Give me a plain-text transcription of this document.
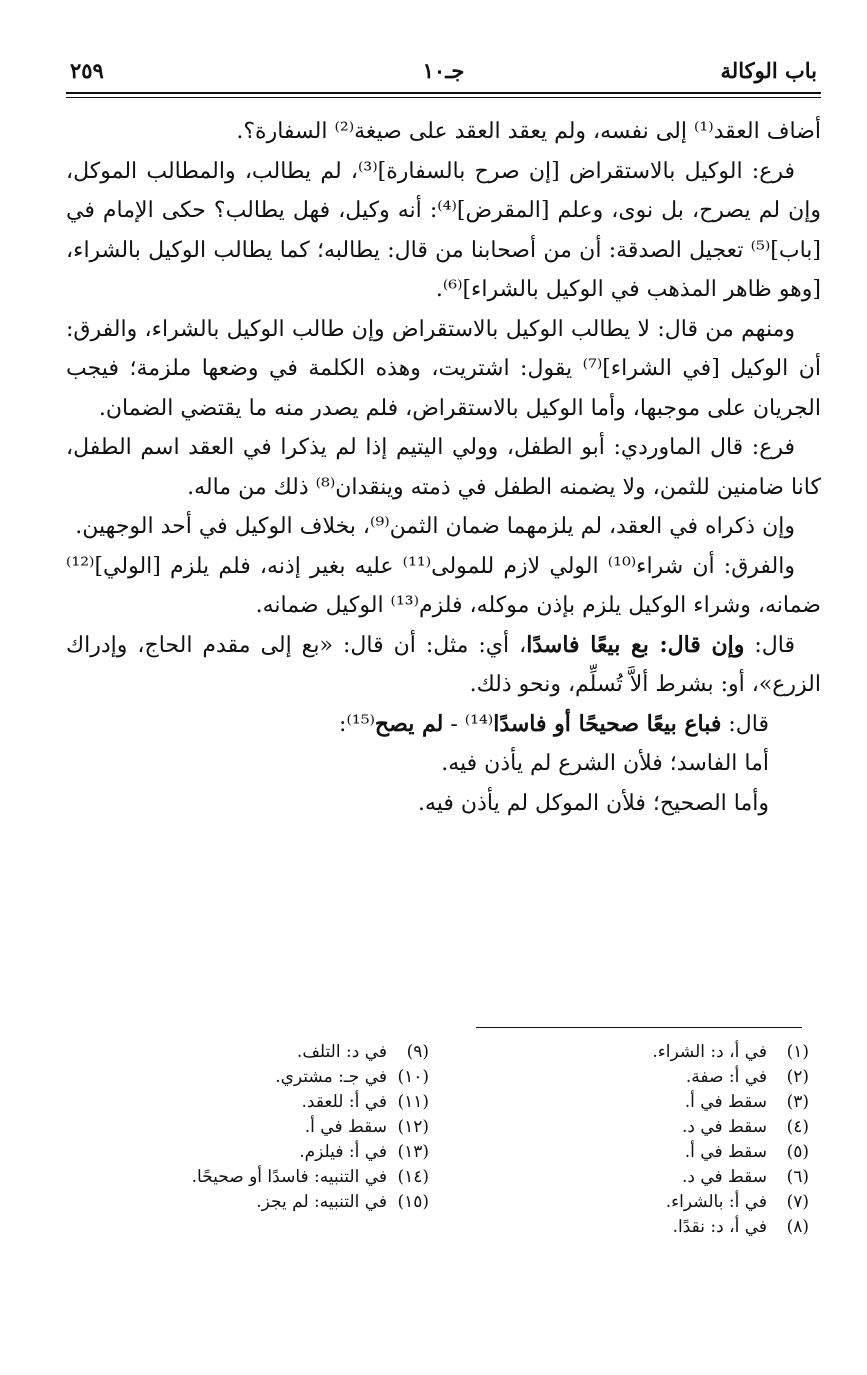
باب الوكالة
جـ١٠
٢٥٩

أضاف العقد⁽¹⁾ إلى نفسه، ولم يعقد العقد على صيغة⁽²⁾ السفارة؟.

فرع: الوكيل بالاستقراض [إن صرح بالسفارة]⁽³⁾، لم يطالب، والمطالب الموكل، وإن لم يصرح، بل نوى، وعلم [المقرض]⁽⁴⁾: أنه وكيل، فهل يطالب؟ حكى الإمام في [باب]⁽⁵⁾ تعجيل الصدقة: أن من أصحابنا من قال: يطالبه؛ كما يطالب الوكيل بالشراء، [وهو ظاهر المذهب في الوكيل بالشراء]⁽⁶⁾.

ومنهم من قال: لا يطالب الوكيل بالاستقراض وإن طالب الوكيل بالشراء، والفرق: أن الوكيل [في الشراء]⁽⁷⁾ يقول: اشتريت، وهذه الكلمة في وضعها ملزمة؛ فيجب الجريان على موجبها، وأما الوكيل بالاستقراض، فلم يصدر منه ما يقتضي الضمان.

فرع: قال الماوردي: أبو الطفل، وولي اليتيم إذا لم يذكرا في العقد اسم الطفل، كانا ضامنين للثمن، ولا يضمنه الطفل في ذمته وينقدان⁽⁸⁾ ذلك من ماله.

وإن ذكراه في العقد، لم يلزمهما ضمان الثمن⁽⁹⁾، بخلاف الوكيل في أحد الوجهين.

والفرق: أن شراء⁽¹⁰⁾ الولي لازم للمولى⁽¹¹⁾ عليه بغير إذنه، فلم يلزم [الولي]⁽¹²⁾ ضمانه، وشراء الوكيل يلزم بإذن موكله، فلزم⁽¹³⁾ الوكيل ضمانه.

قال: وإن قال: بع بيعًا فاسدًا، أي: مثل: أن قال: «بع إلى مقدم الحاج، وإدراك الزرع»، أو: بشرط ألاَّ تُسلِّم، ونحو ذلك.

قال: فباع بيعًا صحيحًا أو فاسدًا⁽¹⁴⁾ - لم يصح⁽¹⁵⁾:

أما الفاسد؛ فلأن الشرع لم يأذن فيه.

وأما الصحيح؛ فلأن الموكل لم يأذن فيه.

(١)في أ، د: الشراء.
(٢)في أ: صفة.
(٣)سقط في أ.
(٤)سقط في د.
(٥)سقط في أ.
(٦)سقط في د.
(٧)في أ: بالشراء.
(٨)في أ، د: نقدًا.
(٩)في د: التلف.
(١٠)في جـ: مشتري.
(١١)في أ: للعقد.
(١٢)سقط في أ.
(١٣)في أ: فيلزم.
(١٤)في التنبيه: فاسدًا أو صحيحًا.
(١٥)في التنبيه: لم يجز.
